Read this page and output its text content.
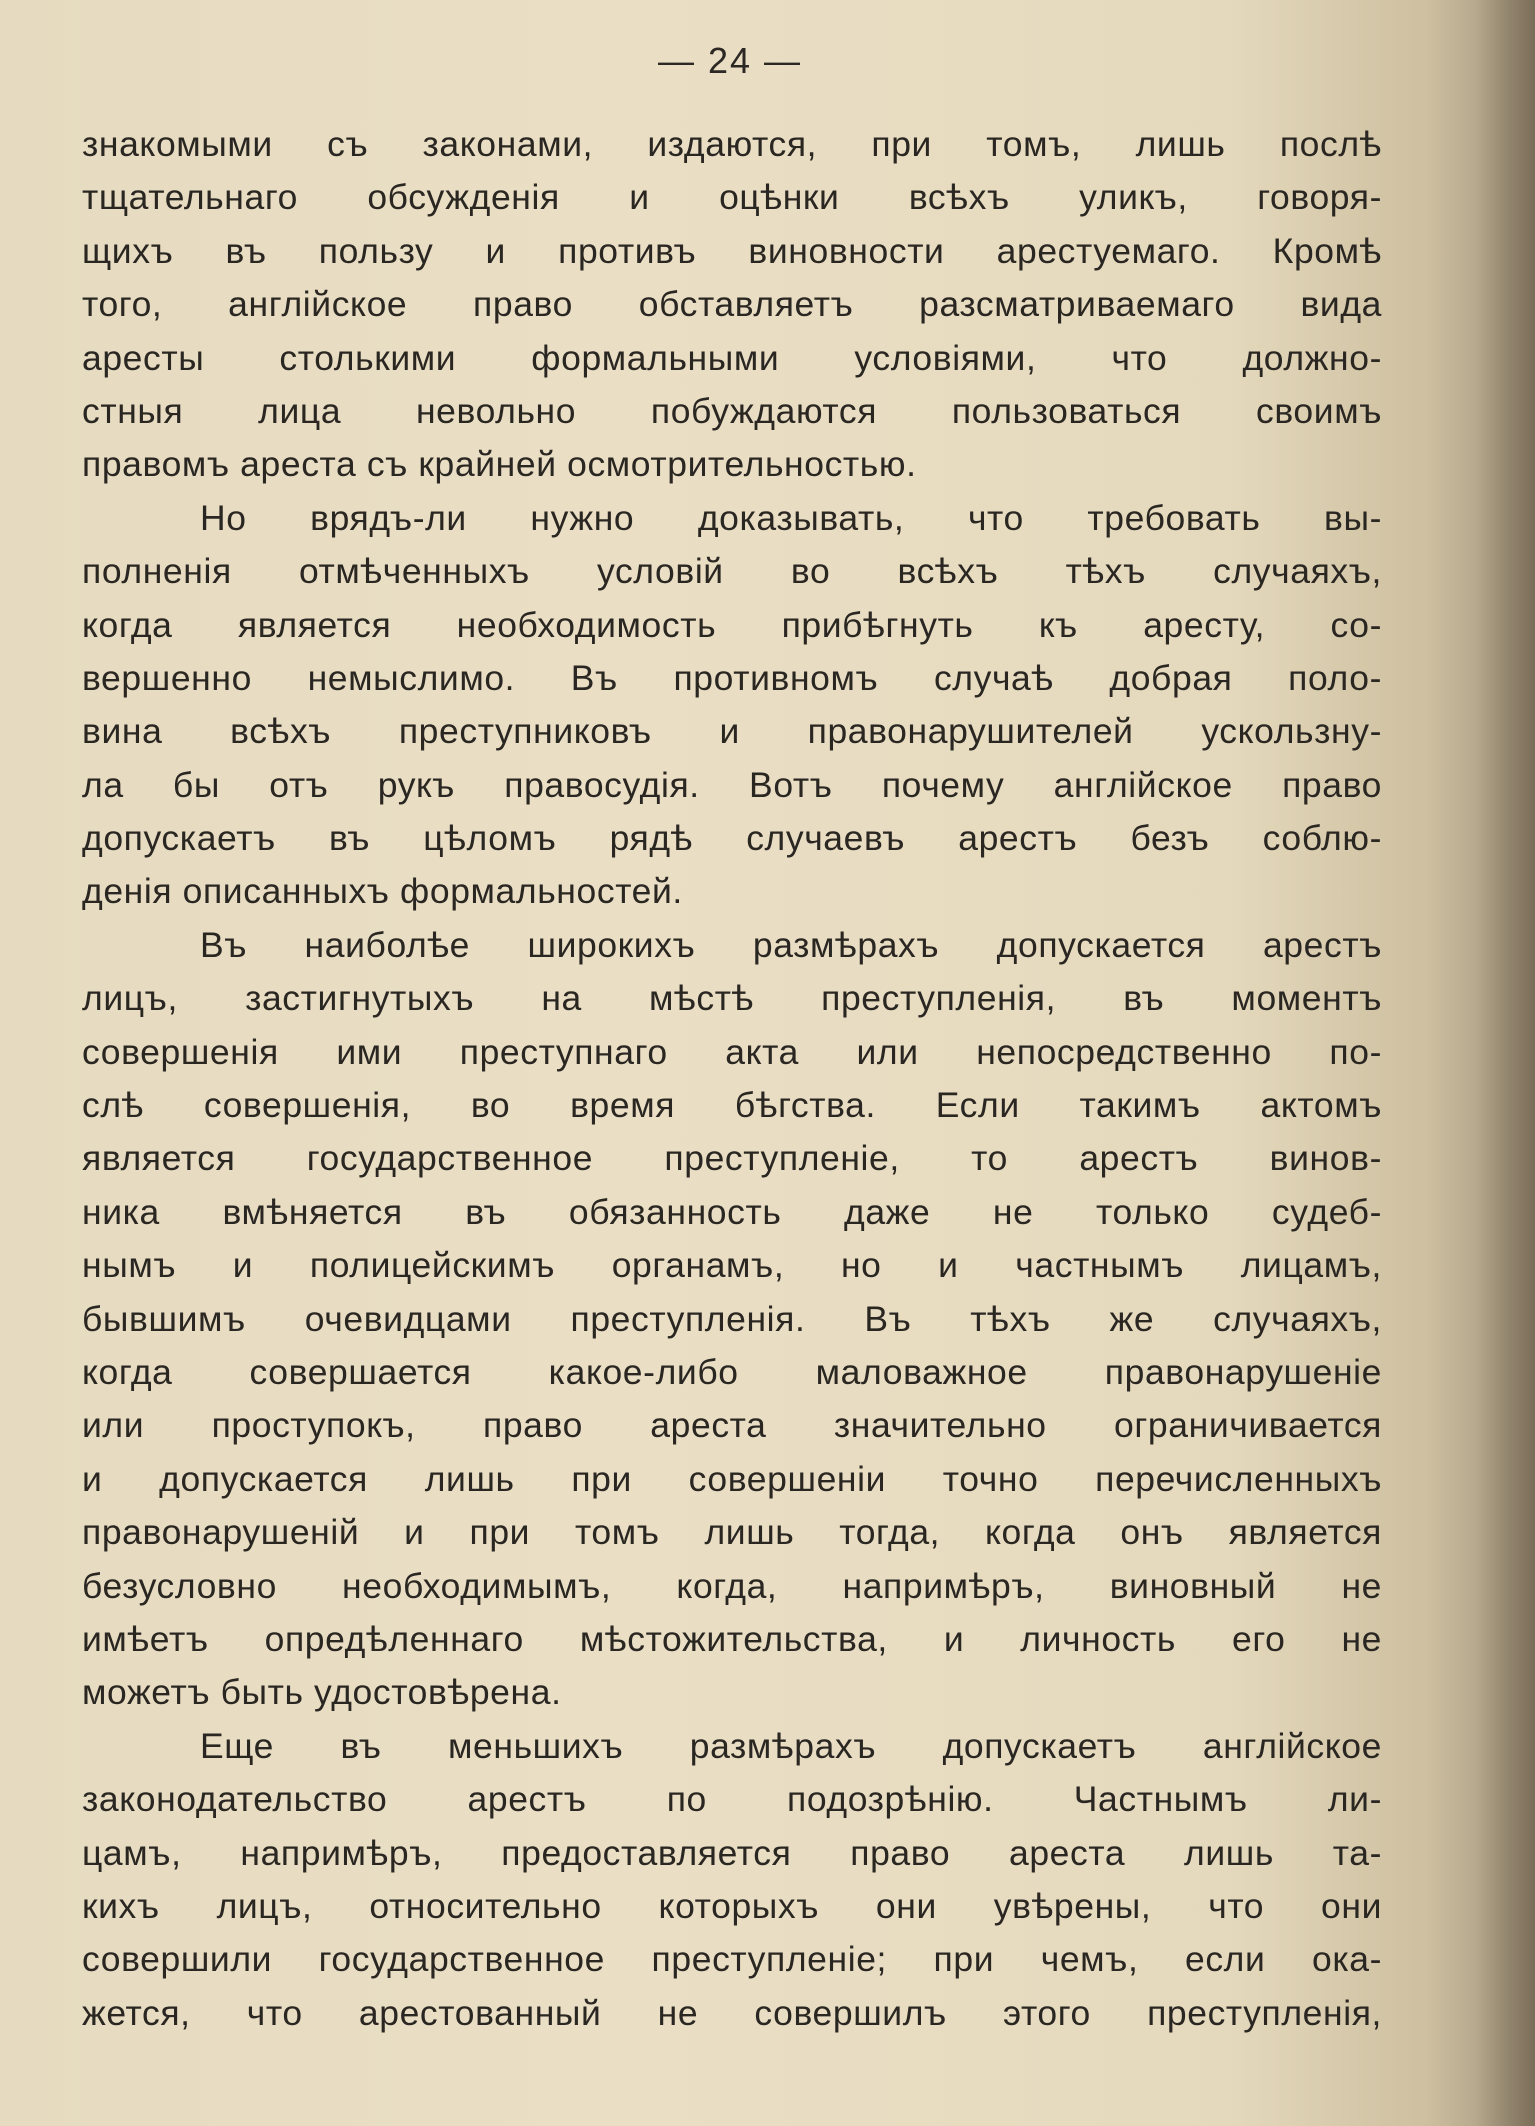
— 24 —
знакомыми съ законами, издаются, при томъ, лишь послѣ
тщательнаго обсужденія и оцѣнки всѣхъ уликъ, говоря-
щихъ въ пользу и противъ виновности арестуемаго. Кромѣ
того, англійское право обставляетъ разсматриваемаго вида
аресты столькими формальными условіями, что должно-
стныя лица невольно побуждаются пользоваться своимъ
правомъ ареста съ крайней осмотрительностью.
Но врядъ-ли нужно доказывать, что требовать вы-
полненія отмѣченныхъ условій во всѣхъ тѣхъ случаяхъ,
когда является необходимость прибѣгнуть къ аресту, со-
вершенно немыслимо. Въ противномъ случаѣ добрая поло-
вина всѣхъ преступниковъ и правонарушителей ускользну-
ла бы отъ рукъ правосудія. Вотъ почему англійское право
допускаетъ въ цѣломъ рядѣ случаевъ арестъ безъ соблю-
денія описанныхъ формальностей.
Въ наиболѣе широкихъ размѣрахъ допускается арестъ
лицъ, застигнутыхъ на мѣстѣ преступленія, въ моментъ
совершенія ими преступнаго акта или непосредственно по-
слѣ совершенія, во время бѣгства. Если такимъ актомъ
является государственное преступленіе, то арестъ винов-
ника вмѣняется въ обязанность даже не только судеб-
нымъ и полицейскимъ органамъ, но и частнымъ лицамъ,
бывшимъ очевидцами преступленія. Въ тѣхъ же случаяхъ,
когда совершается какое-либо маловажное правонарушеніе
или проступокъ, право ареста значительно ограничивается
и допускается лишь при совершеніи точно перечисленныхъ
правонарушеній и при томъ лишь тогда, когда онъ является
безусловно необходимымъ, когда, напримѣръ, виновный не
имѣетъ опредѣленнаго мѣстожительства, и личность его не
можетъ быть удостовѣрена.
Еще въ меньшихъ размѣрахъ допускаетъ англійское
законодательство арестъ по подозрѣнію. Частнымъ ли-
цамъ, напримѣръ, предоставляется право ареста лишь та-
кихъ лицъ, относительно которыхъ они увѣрены, что они
совершили государственное преступленіе; при чемъ, если ока-
жется, что арестованный не совершилъ этого преступленія,
